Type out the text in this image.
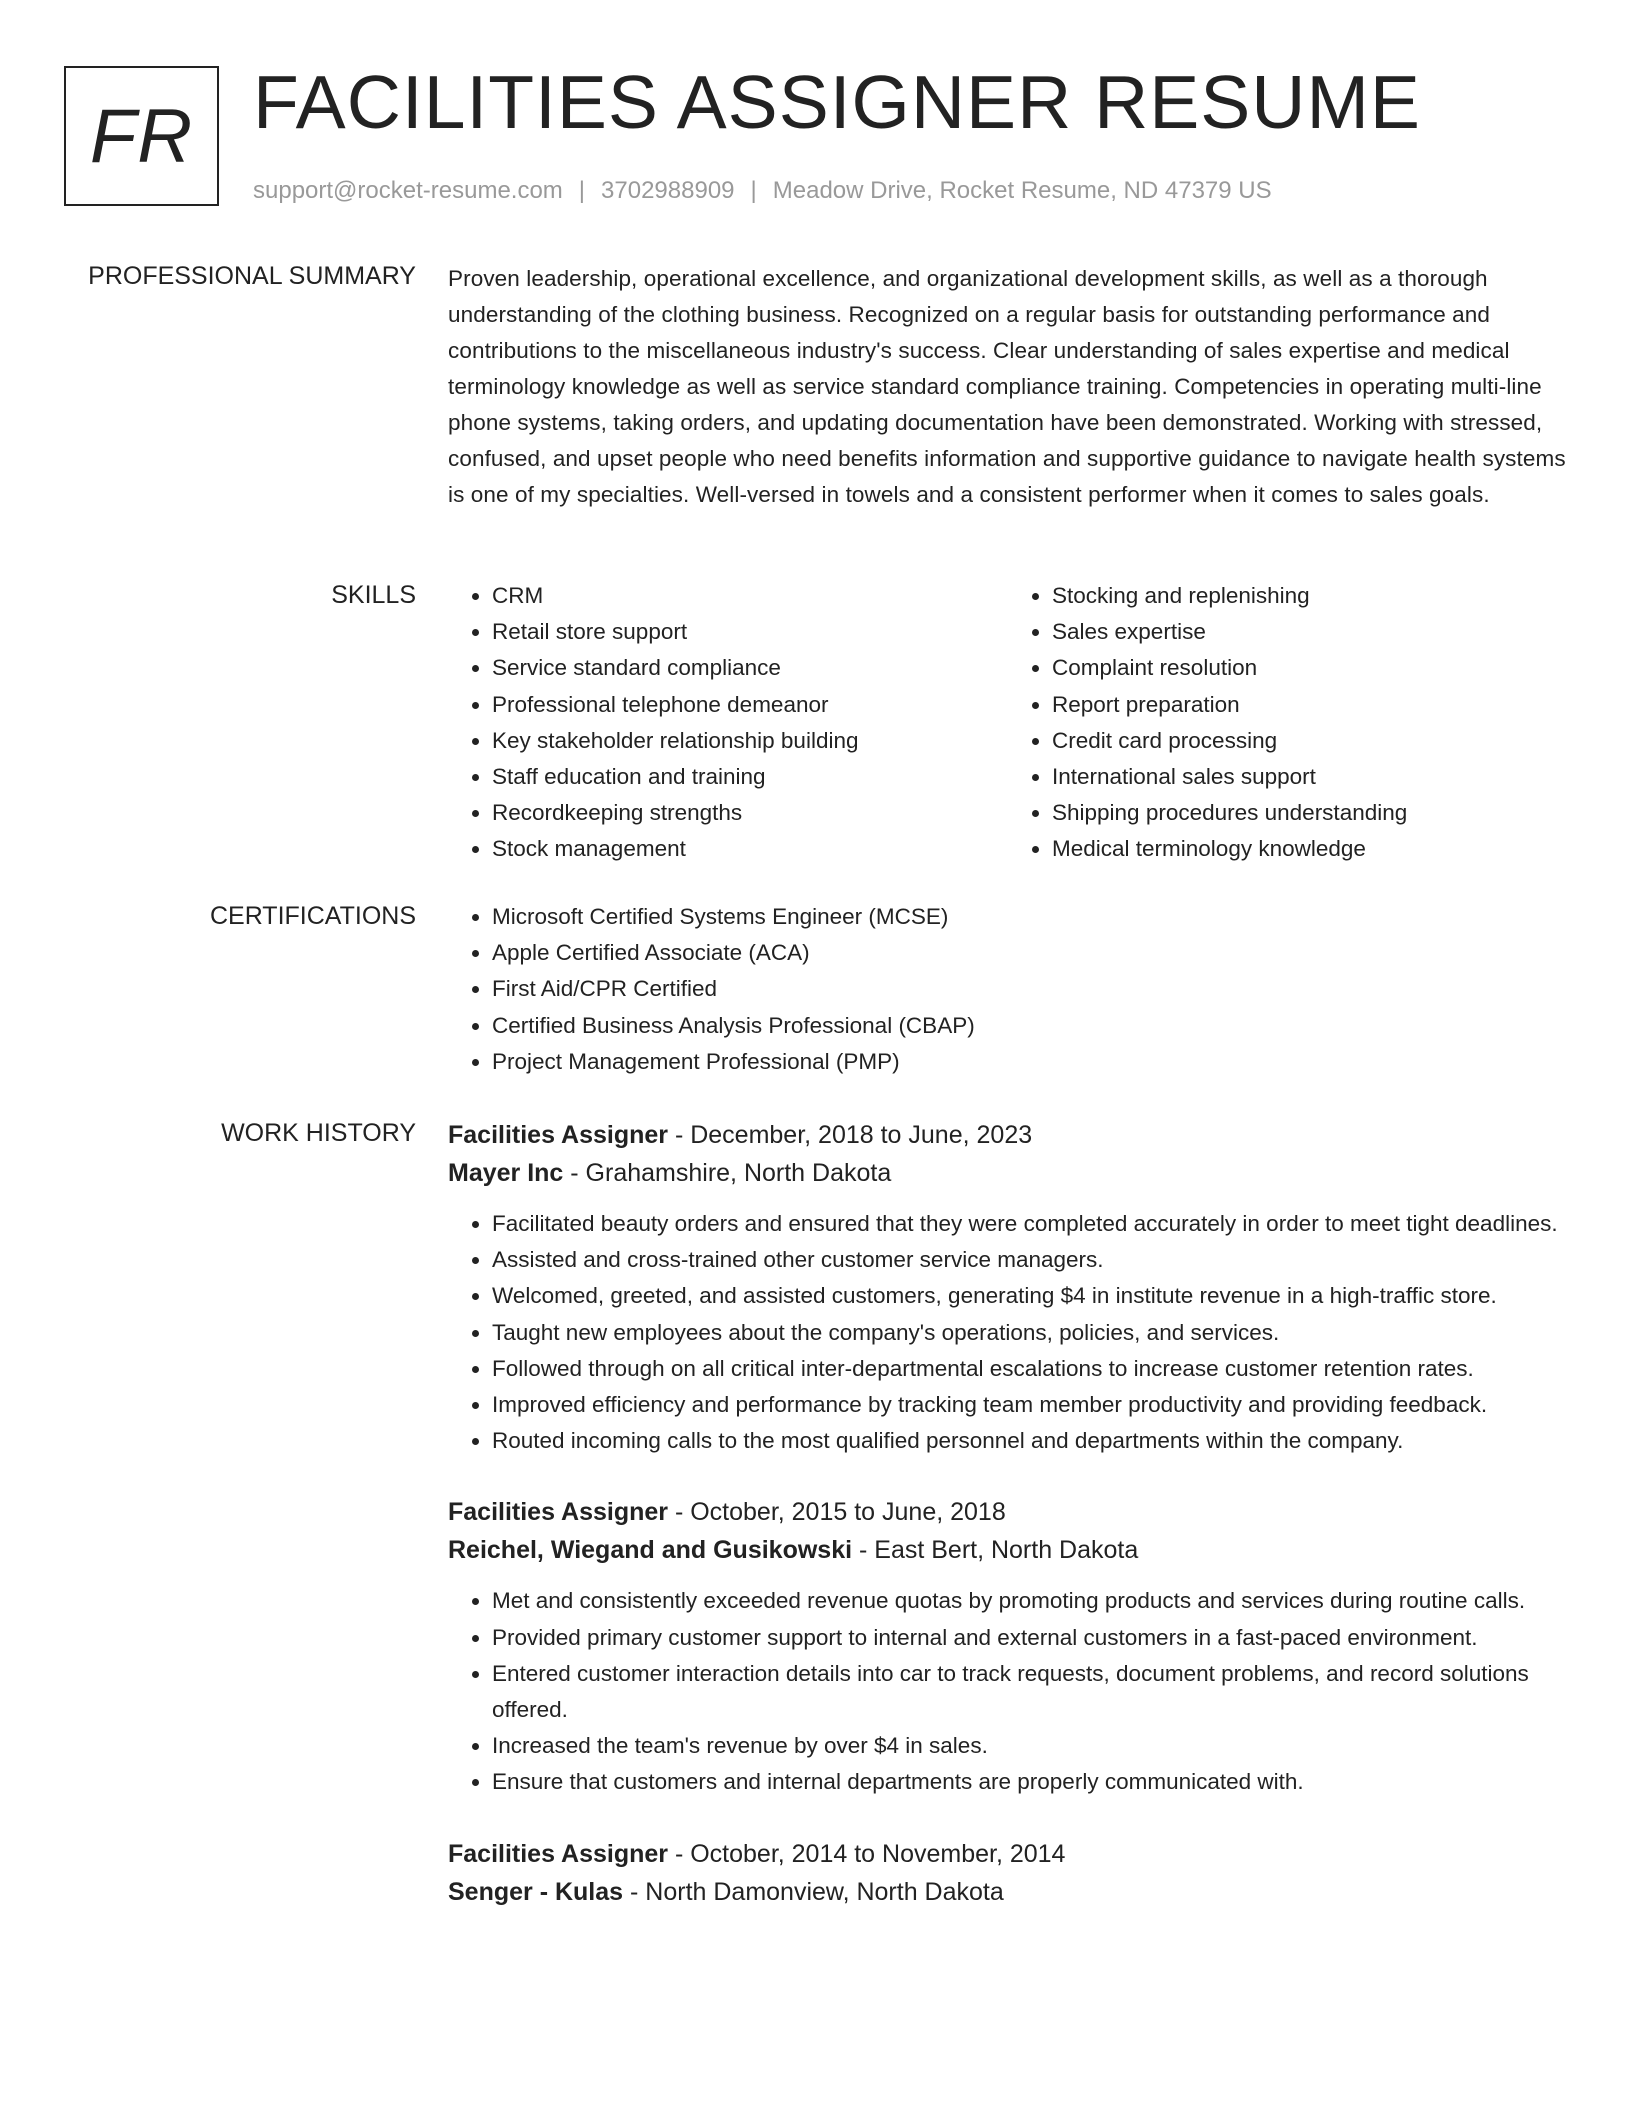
FR FACILITIES ASSIGNER RESUME
support@rocket-resume.com | 3702988909 | Meadow Drive, Rocket Resume, ND 47379 US
PROFESSIONAL SUMMARY Proven leadership, operational excellence, and organizational development skills, as well as a thorough understanding of the clothing business. Recognized on a regular basis for outstanding performance and contributions to the miscellaneous industry's success. Clear understanding of sales expertise and medical terminology knowledge as well as service standard compliance training. Competencies in operating multi-line phone systems, taking orders, and updating documentation have been demonstrated. Working with stressed, confused, and upset people who need benefits information and supportive guidance to navigate health systems is one of my specialties. Well-versed in towels and a consistent performer when it comes to sales goals.

SKILLS	• CRM
• Retail store support
• Service standard compliance
• Professional telephone demeanor
• Key stakeholder relationship building
• Staff education and training
• Recordkeeping strengths
• Stock management
• Stocking and replenishing
• Sales expertise
• Complaint resolution
• Report preparation
• Credit card processing
• International sales support
• Shipping procedures understanding
• Medical terminology knowledge
CERTIFICATIONS	• Microsoft Certified Systems Engineer (MCSE)
• Apple Certified Associate (ACA)
• First Aid/CPR Certified
• Certified Business Analysis Professional (CBAP)
• Project Management Professional (PMP)
WORK HISTORY Facilities Assigner - December, 2018 to June, 2023

Mayer Inc - Grahamshire, North Dakota

• Facilitated beauty orders and ensured that they were completed accurately in order to meet tight deadlines.
• Assisted and cross-trained other customer service managers.
• Welcomed, greeted, and assisted customers, generating $4 in institute revenue in a high-traffic store.
• Taught new employees about the company's operations, policies, and services.
• Followed through on all critical inter-departmental escalations to increase customer retention rates.
• Improved efficiency and performance by tracking team member productivity and providing feedback.
• Routed incoming calls to the most qualified personnel and departments within the company.

Facilities Assigner - October, 2015 to June, 2018

Reichel, Wiegand and Gusikowski - East Bert, North Dakota

• Met and consistently exceeded revenue quotas by promoting products and services during routine calls.
• Provided primary customer support to internal and external customers in a fast-paced environment.
• Entered customer interaction details into car to track requests, document problems, and record solutions offered.
• Increased the team's revenue by over $4 in sales.
• Ensure that customers and internal departments are properly communicated with.

Facilities Assigner - October, 2014 to November, 2014

Senger - Kulas - North Damonview, North Dakota
